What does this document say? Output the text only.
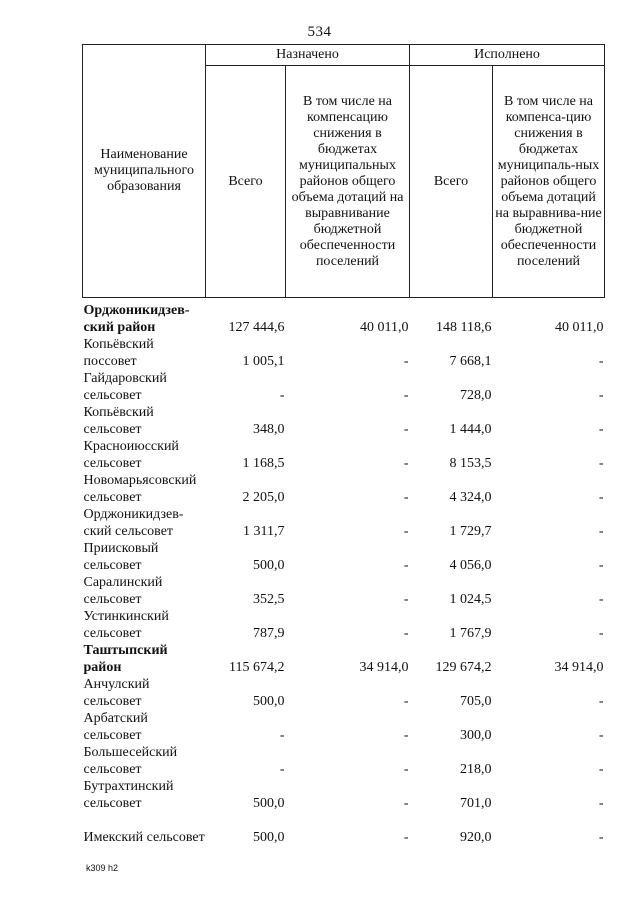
534
Наименование муниципального образования	Назначено		Исполнено	
	Всего	В том числе на компенсацию снижения в бюджетах муниципальных районов общего объема дотаций на выравнивание бюджетной обеспеченности поселений	Всего	В том числе на компенса-цию снижения в бюджетах муниципаль-ных районов общего объема дотаций на выравнива-ние бюджетной обеспеченности поселений
Орджоникидзев-ский район	127 444,6	40 011,0	148 118,6	40 011,0
Копьёвский поссовет	1 005,1	-	7 668,1	-
Гайдаровский сельсовет	-	-	728,0	-
Копьёвский сельсовет	348,0	-	1 444,0	-
Красноиюсский сельсовет	1 168,5	-	8 153,5	-
Новомарьясовский сельсовет	2 205,0	-	4 324,0	-
Орджоникидзев-ский сельсовет	1 311,7	-	1 729,7	-
Приисковый сельсовет	500,0	-	4 056,0	-
Саралинский сельсовет	352,5	-	1 024,5	-
Устинкинский сельсовет	787,9	-	1 767,9	-
Таштыпский район	115 674,2	34 914,0	129 674,2	34 914,0
Анчулский сельсовет	500,0	-	705,0	-
Арбатский сельсовет	-	-	300,0	-
Большесейский сельсовет	-	-	218,0	-
Бутрахтинский сельсовет	500,0	-	701,0	-
Имекский сельсовет	500,0	-	920,0	-
k309 h2
